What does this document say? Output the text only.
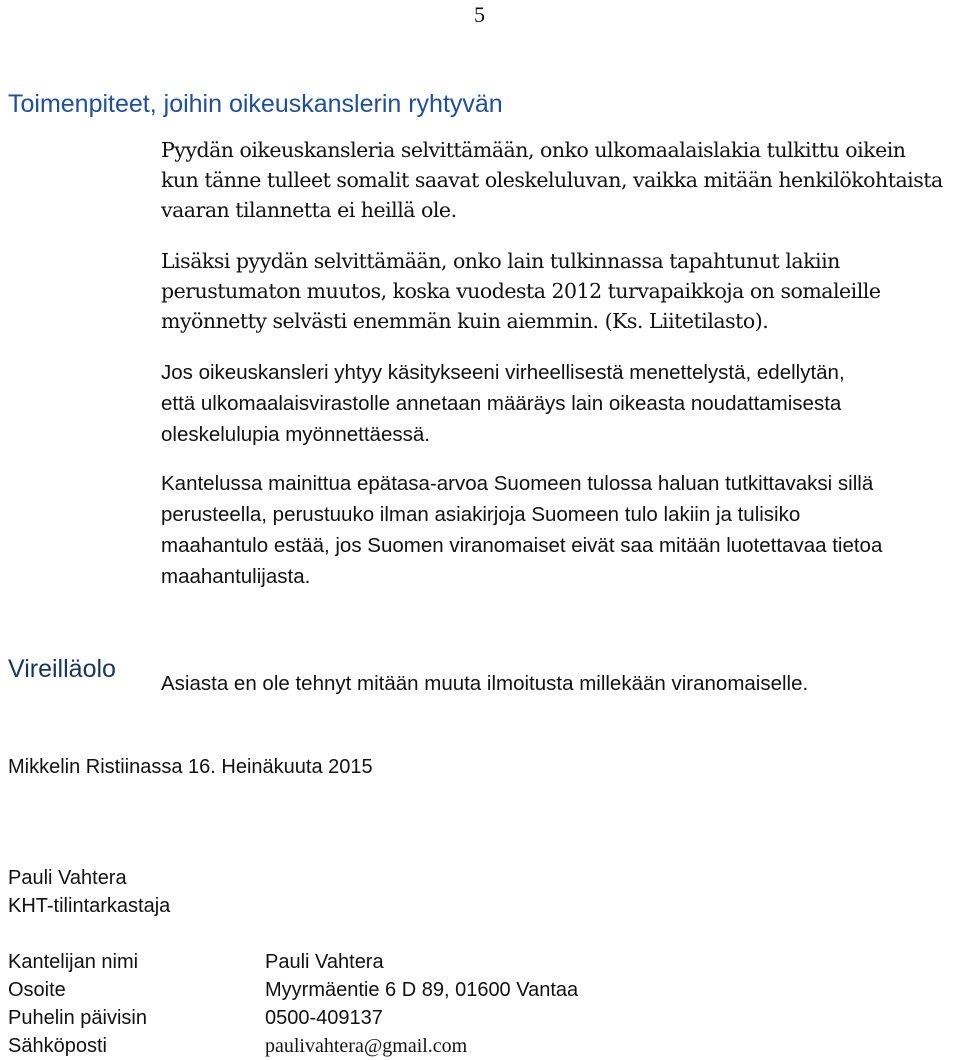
5
Toimenpiteet, joihin oikeuskanslerin ryhtyvän

Pyydän oikeuskansleria selvittämään, onko ulkomaalaislakia tulkittu oikein
kun tänne tulleet somalit saavat oleskeluluvan, vaikka mitään henkilökohtaista
vaaran tilannetta ei heillä ole.

Lisäksi pyydän selvittämään, onko lain tulkinnassa tapahtunut lakiin
perustumaton muutos, koska vuodesta 2012 turvapaikkoja on somaleille
myönnetty selvästi enemmän kuin aiemmin. (Ks. Liitetilasto).

Jos oikeuskansleri yhtyy käsitykseeni virheellisestä menettelystä, edellytän,
että ulkomaalaisvirastolle annetaan määräys lain oikeasta noudattamisesta
oleskelulupia myönnettäessä.

Kantelussa mainittua epätasa-arvoa Suomeen tulossa haluan tutkittavaksi sillä
perusteella, perustuuko ilman asiakirjoja Suomeen tulo lakiin ja tulisiko
maahantulo estää, jos Suomen viranomaiset eivät saa mitään luotettavaa tietoa
maahantulijasta.

Vireilläolo

Asiasta en ole tehnyt mitään muuta ilmoitusta millekään viranomaiselle.

Mikkelin Ristiinassa 16. Heinäkuuta 2015
Pauli Vahtera
KHT-tilintarkastaja
Kantelijan nimi	Pauli Vahtera
Osoite	Myyrmäentie 6 D 89, 01600 Vantaa
Puhelin päivisin	0500-409137
Sähköposti	paulivahtera@gmail.com
